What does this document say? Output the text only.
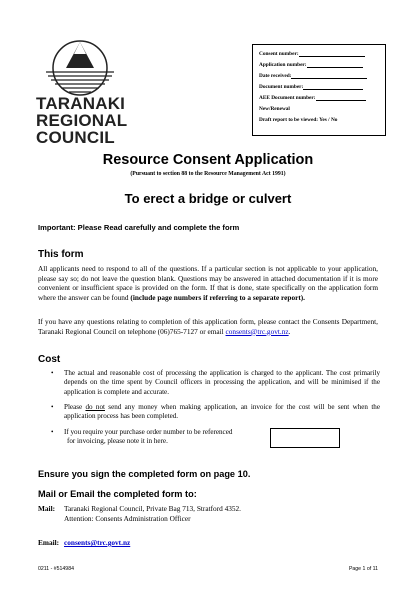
TARANAKI
REGIONAL
COUNCIL
Consent number:
Application number:
Date received:
Document number:
AEE Document number:
New/Renewal
Draft report to be viewed: Yes / No
Resource Consent Application
(Pursuant to section 88 to the Resource Management Act 1991)
To erect a bridge or culvert
Important: Please Read carefully and complete the form
This form
All applicants need to respond to all of the questions. If a particular section is not applicable to your application, please say so; do not leave the question blank. Questions may be answered in attached documentation if it is more convenient or insufficient space is provided on the form. If that is done, state specifically on the application form where the answer can be found (include page numbers if referring to a separate report).
If you have any questions relating to completion of this application form, please contact the Consents Department, Taranaki Regional Council on telephone (06)765-7127 or email consents@trc.govt.nz.
Cost
• The actual and reasonable cost of processing the application is charged to the applicant. The cost primarily depends on the time spent by Council officers in processing the application, and will be minimised if the application is complete and accurate.
• Please do not send any money when making application, an invoice for the cost will be sent when the application process has been completed.
• If you require your purchase order number to be referenced
for invoicing, please note it in here.
Ensure you sign the completed form on page 10.
Mail or Email the completed form to:
Mail: Taranaki Regional Council, Private Bag 713, Stratford 4352.
Attention: Consents Administration Officer
Email: consents@trc.govt.nz
0211 - #514984	Page 1 of 11
